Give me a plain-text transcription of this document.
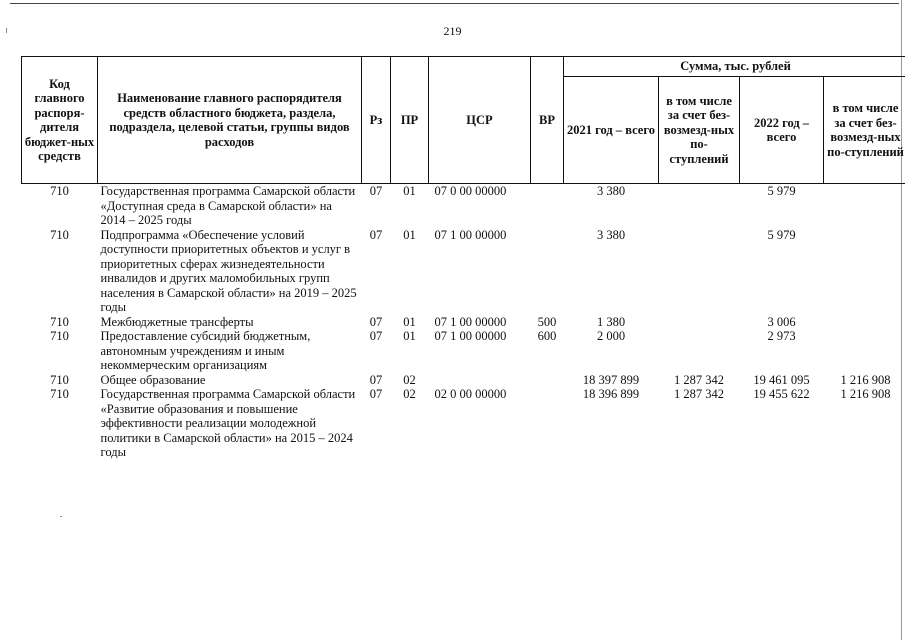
219
Код главного распоря-дителя бюджет-ных средств	Наименование главного распорядителя средств областного бюджета, раздела, подраздела, целевой статьи, группы видов расходов	Рз	ПР	ЦСР	ВР	Сумма, тыс. рублей			
						2021 год – всего	в том числе за счет без-возмезд-ных по-ступлений	2022 год – всего	в том числе за счет без-возмезд-ных по-ступлений
710	Государственная программа Самарской области «Доступная среда в Самарской области» на 2014 – 2025 годы	07	01	07 0 00 00000		3 380		5 979	
710	Подпрограмма «Обеспечение условий доступности приоритетных объектов и услуг в приоритетных сферах жизнедеятельности инвалидов и других маломобильных групп населения в Самарской области» на 2019 – 2025 годы	07	01	07 1 00 00000		3 380		5 979	
710	Межбюджетные трансферты	07	01	07 1 00 00000	500	1 380		3 006	
710	Предоставление субсидий бюджетным, автономным учреждениям и иным некоммерческим организациям	07	01	07 1 00 00000	600	2 000		2 973	
710	Общее образование	07	02			18 397 899	1 287 342	19 461 095	1 216 908
710	Государственная программа Самарской области «Развитие образования и повышение эффективности реализации молодежной политики в Самарской области» на 2015 – 2024 годы	07	02	02 0 00 00000		18 396 899	1 287 342	19 455 622	1 216 908
